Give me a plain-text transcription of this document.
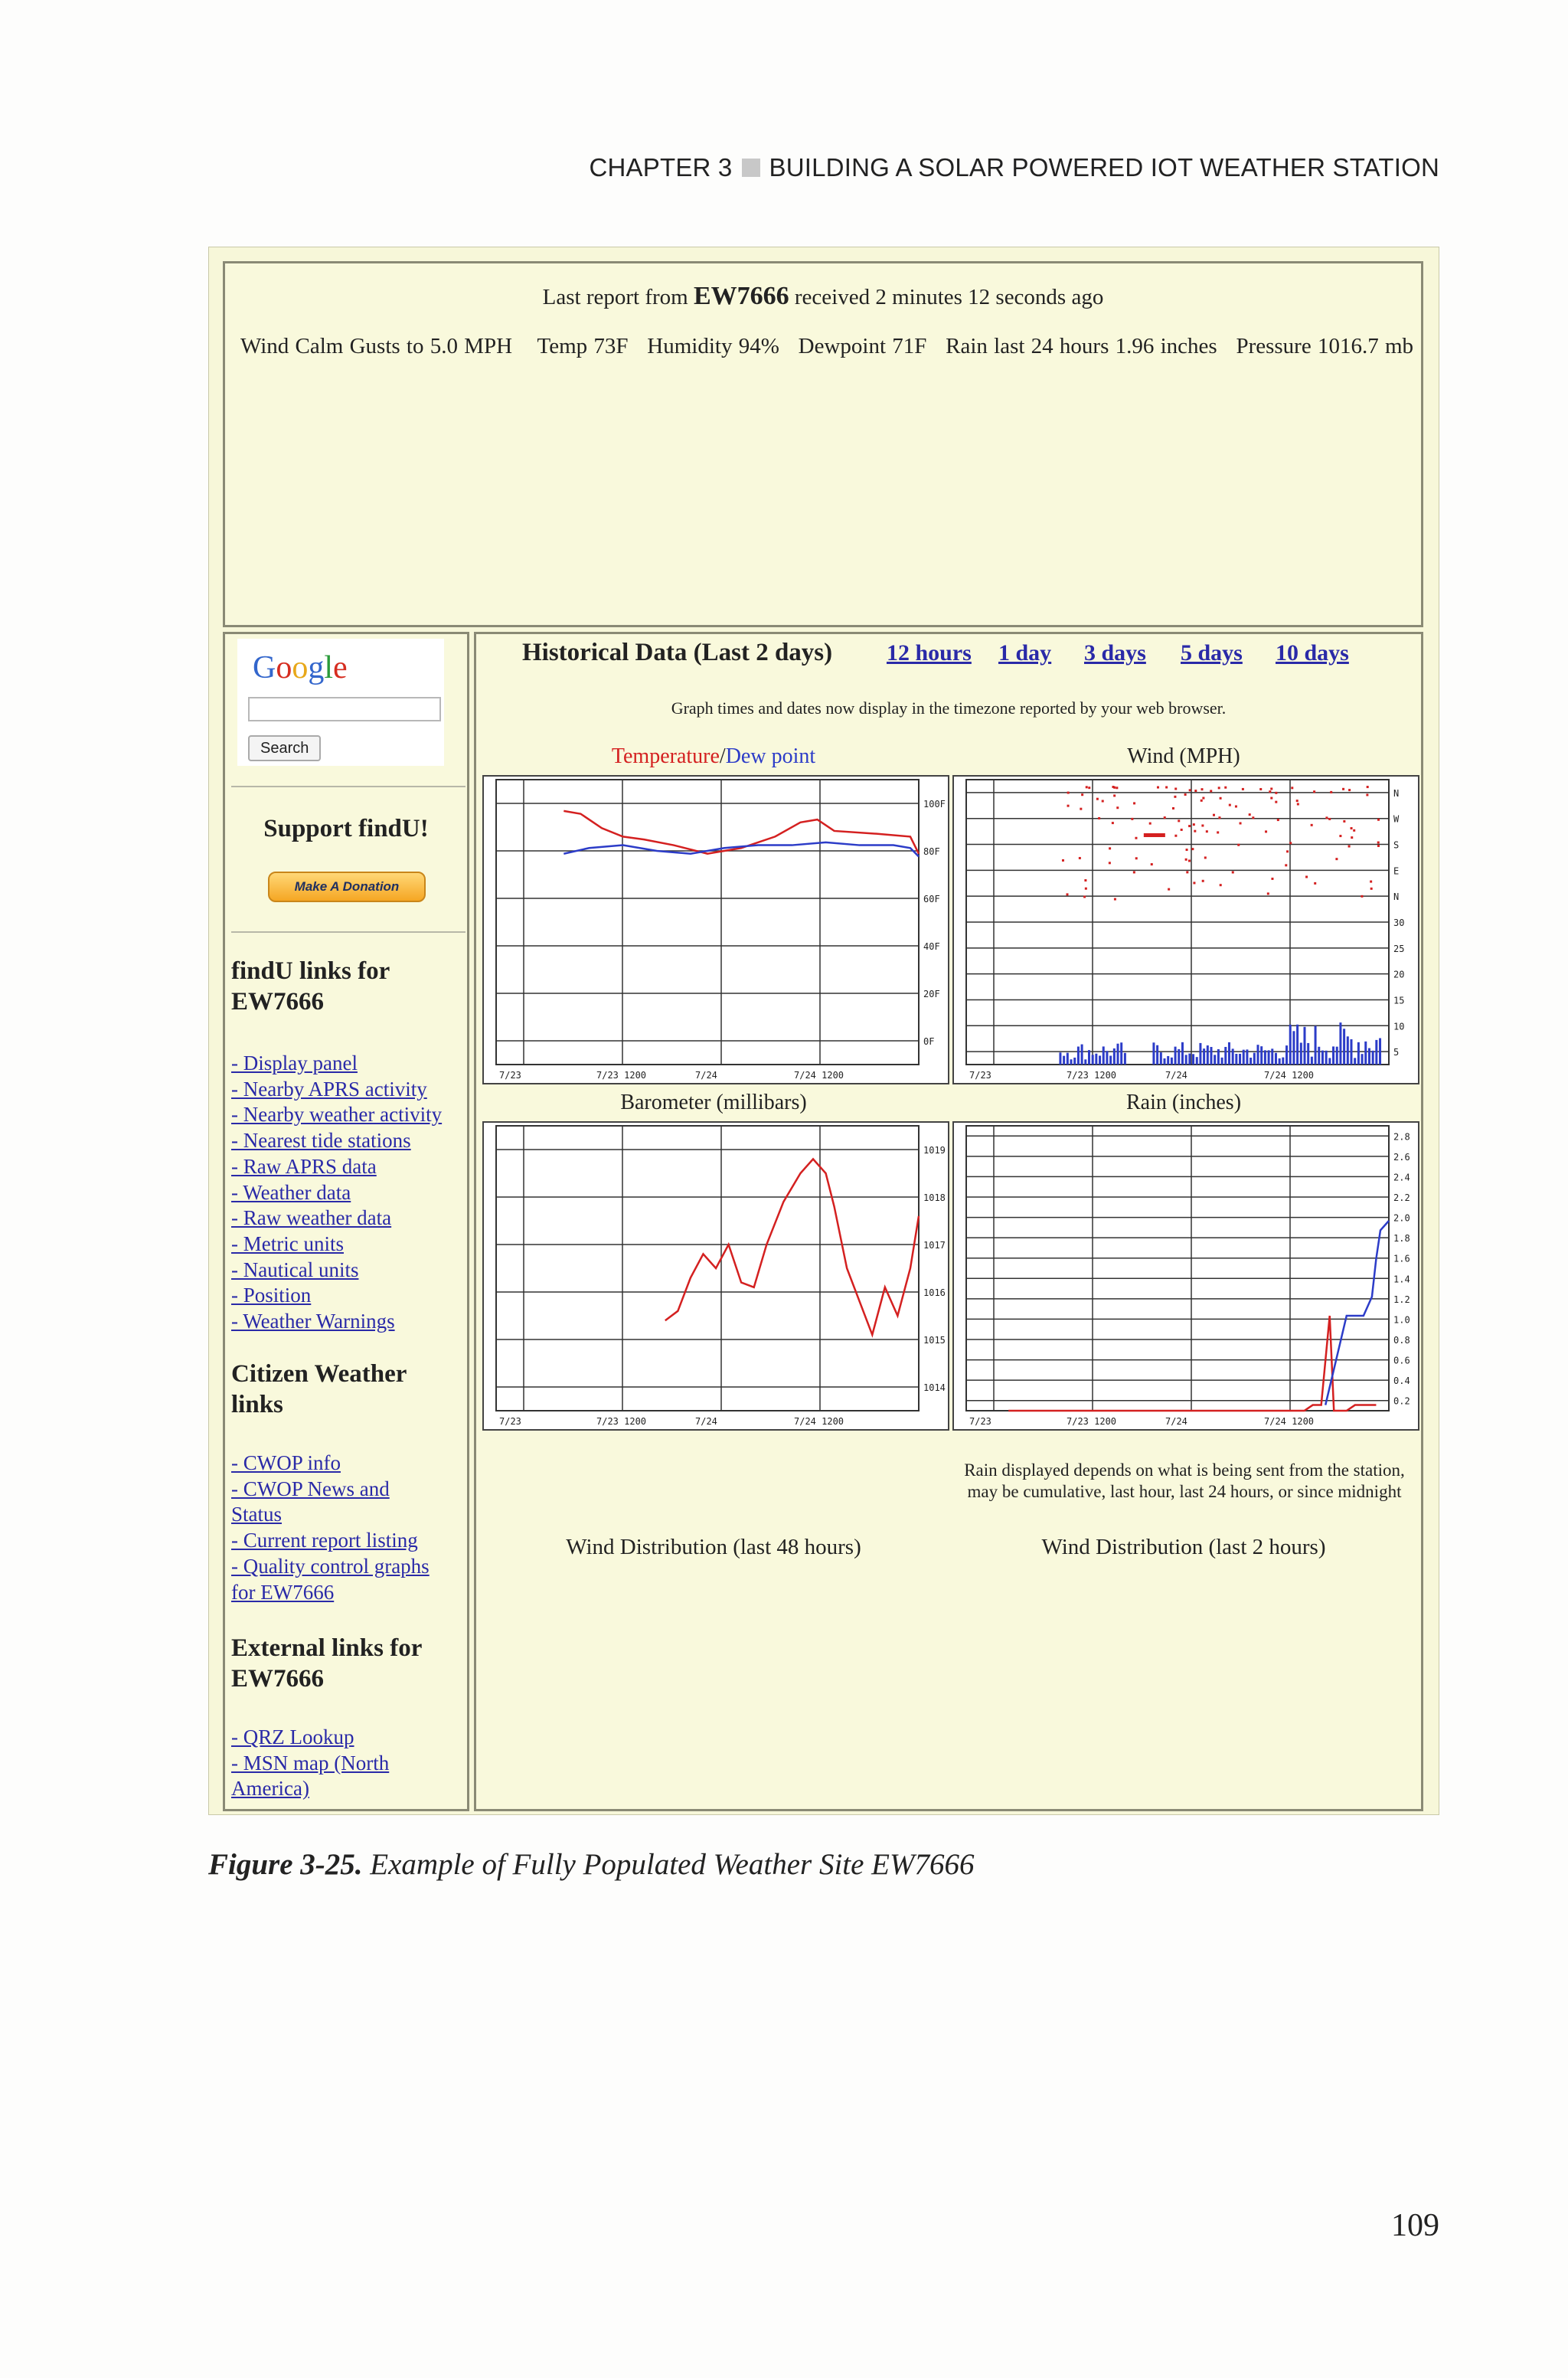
CHAPTER 3 BUILDING A SOLAR POWERED IOT WEATHER STATION
Last report from EW7666 received 2 minutes 12 seconds ago
Wind Calm Gusts to 5.0 MPH    Temp 73F   Humidity 94%   Dewpoint 71F   Rain last 24 hours 1.96 inches   Pressure 1016.7 mb
Google
Search
Support findU!
Make A Donation
findU links for EW7666
- Display panel
- Nearby APRS activity
- Nearby weather activity
- Nearest tide stations
- Raw APRS data
- Weather data
- Raw weather data
- Metric units
- Nautical units
- Position
- Weather Warnings
Citizen Weather links
- CWOP info
- CWOP News and
Status
- Current report listing
- Quality control graphs
for EW7666
External links for EW7666
- QRZ Lookup
- MSN map (North
America)
Historical Data (Last 2 days) 12 hours 1 day 3 days 5 days 10 days
Graph times and dates now display in the timezone reported by your web browser.
Temperature/Dew point	Wind (MPH)
100F
80F
60F
40F
20F
0F
7/23	7/23 1200	7/24	7/24 1200
N
W
S
E
N
30
25
20
15
10
5
7/23	7/23 1200	7/24	7/24 1200
Barometer (millibars)	Rain (inches)
1019
1018
1017
1016
1015
1014
7/23	7/23 1200	7/24	7/24 1200
2.8
2.6
2.4
2.2
2.0
1.8
1.6
1.4
1.2
1.0
0.8
0.6
0.4
0.2
7/23	7/23 1200	7/24	7/24 1200
Rain displayed depends on what is being sent from the station, may be cumulative, last hour, last 24 hours, or since midnight
Wind Distribution (last 48 hours)	Wind Distribution (last 2 hours)
Figure 3-25. Example of Fully Populated Weather Site EW7666
109
